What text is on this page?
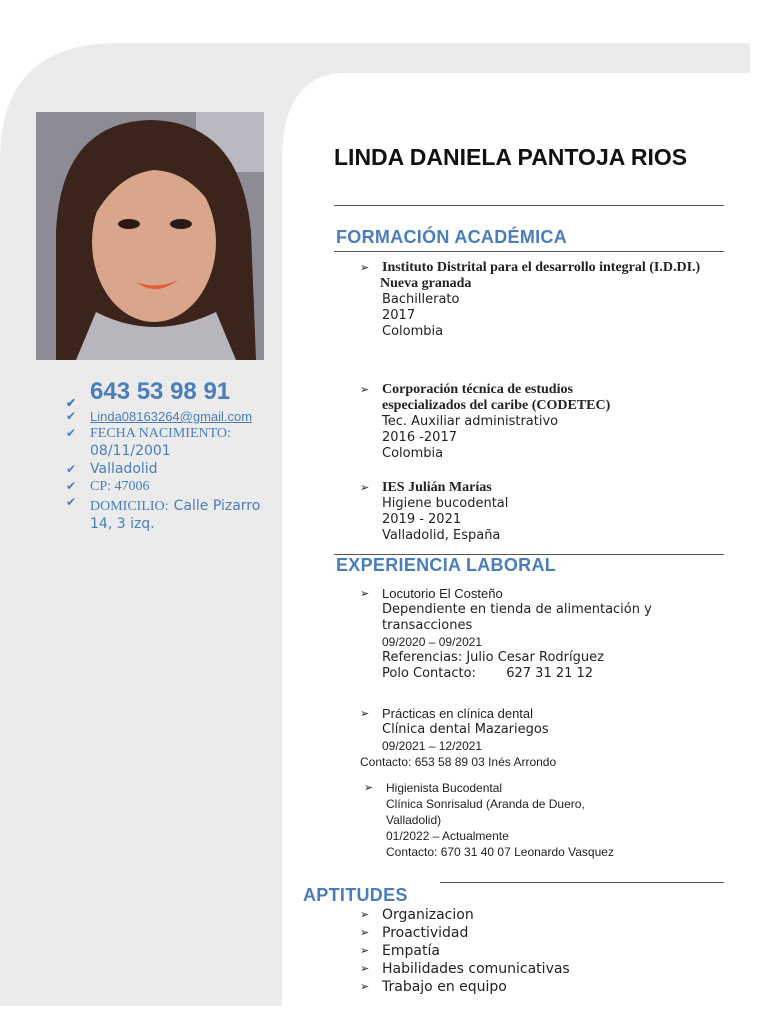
✔ 643 53 98 91
✔ Linda08163264@gmail.com
✔ FECHA NACIMIENTO:
08/11/2001
✔ Valladolid
✔ CP: 47006
✔ DOMICILIO: Calle Pizarro
14, 3 izq.
LINDA DANIELA PANTOJA RIOS
FORMACIÓN ACADÉMICA
➢ Instituto Distrital para el desarrollo integral (I.D.DI.)
Nueva granada
Bachillerato
2017
Colombia
➢ Corporación técnica de estudios
especializados del caribe (CODETEC)
Tec. Auxiliar administrativo
2016 -2017
Colombia
➢ IES Julián Marías
Higiene bucodental
2019 - 2021
Valladolid, España
EXPERIENCIA LABORAL
➢ Locutorio El Costeño
Dependiente en tienda de alimentación y
transacciones
09/2020 – 09/2021
Referencias: Julio Cesar Rodríguez
Polo Contacto: 627 31 21 12
➢ Prácticas en clínica dental
Clínica dental Mazariegos
09/2021 – 12/2021
Contacto: 653 58 89 03 Inés Arrondo
➢	Higienista Bucodental
Clínica Sonrisalud (Aranda de Duero,
Valladolid)
01/2022 – Actualmente
Contacto: 670 31 40 07 Leonardo Vasquez
APTITUDES
➢ Organizacion
➢ Proactividad
➢ Empatía
➢ Habilidades comunicativas
➢ Trabajo en equipo
